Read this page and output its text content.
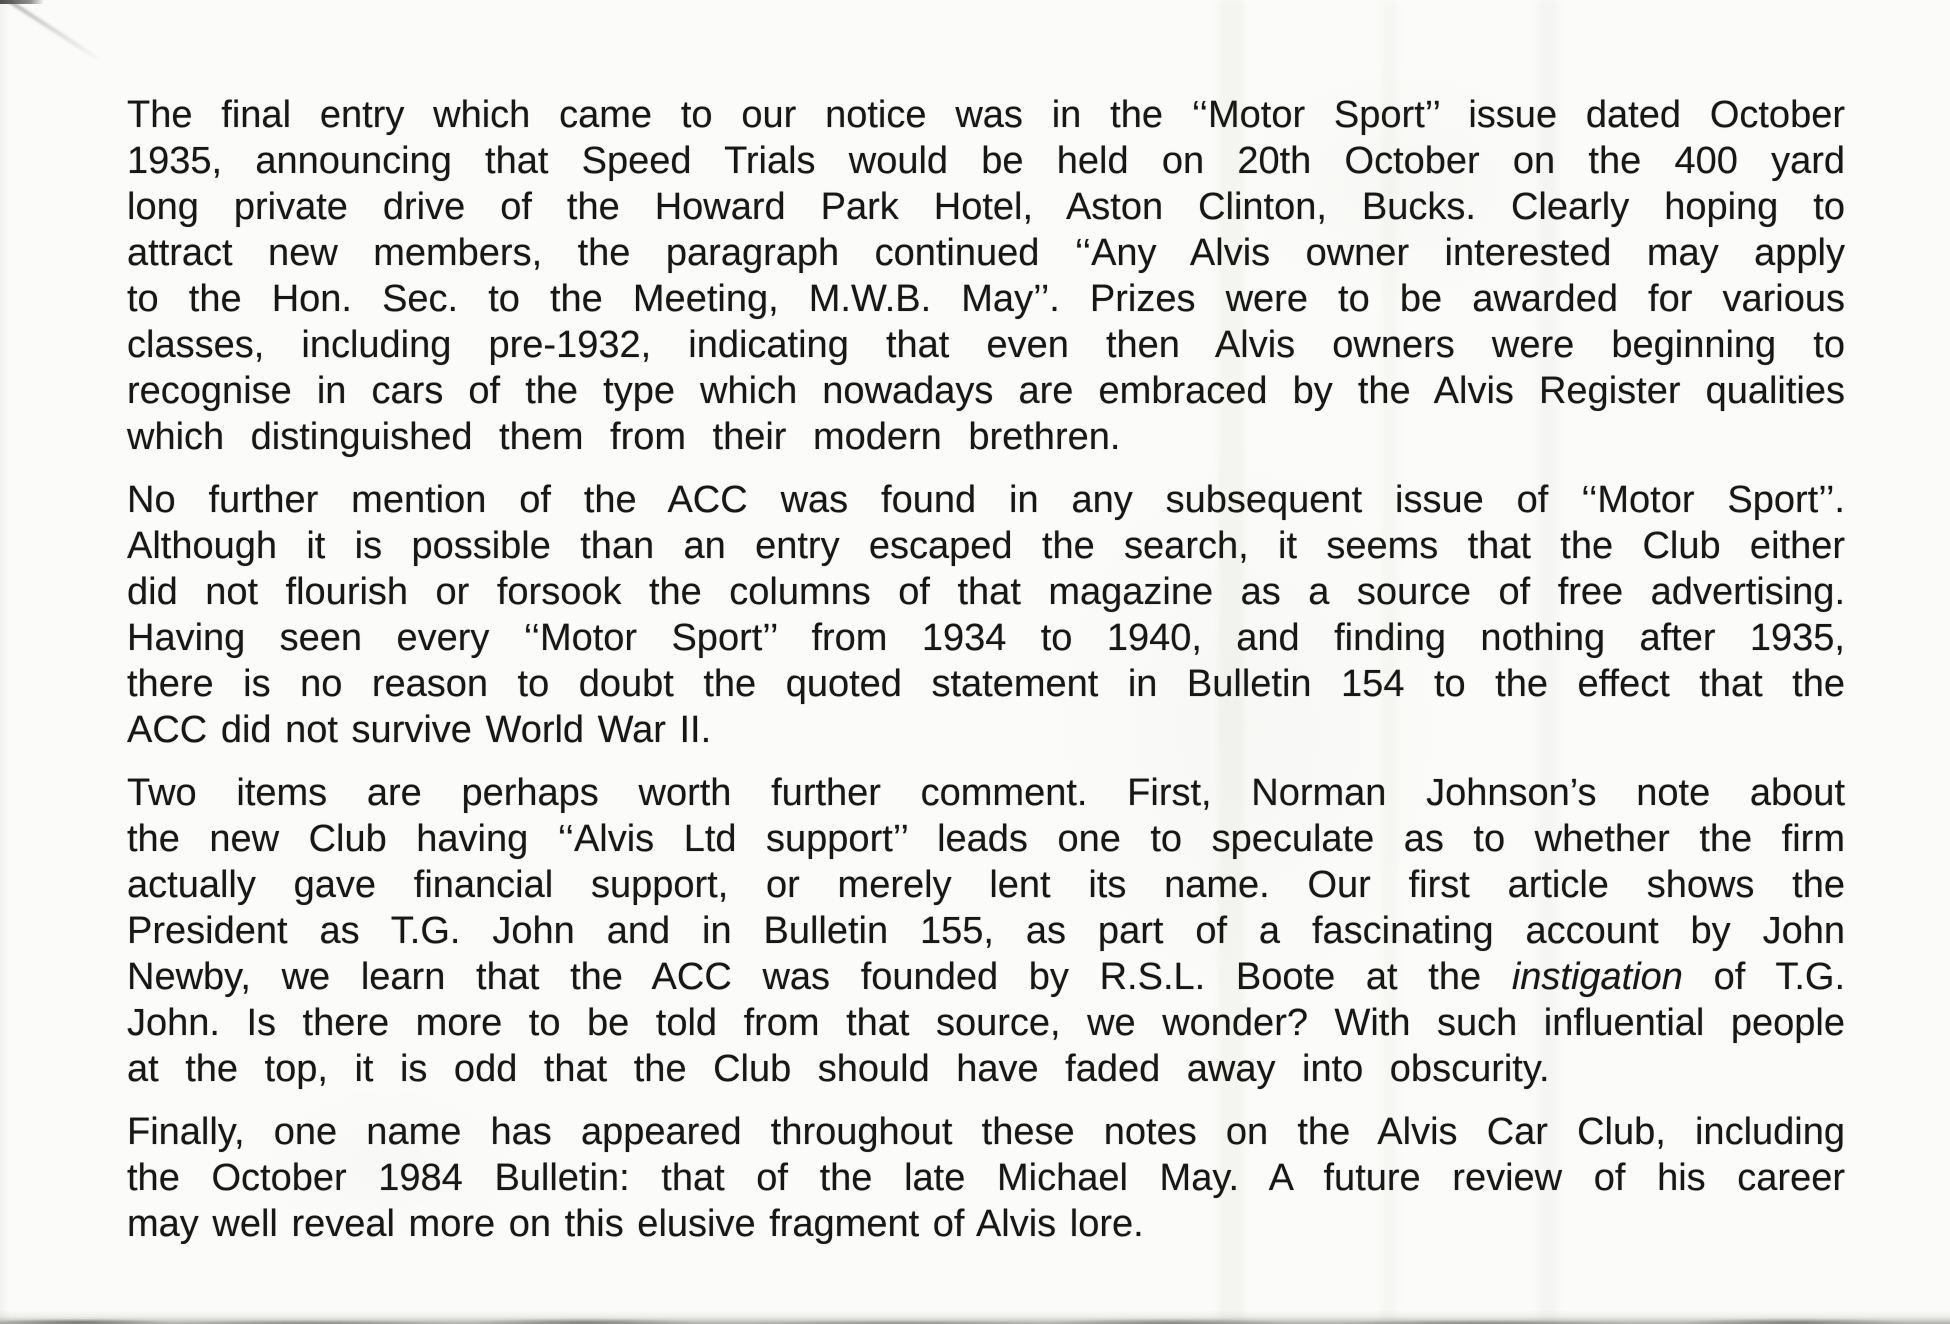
The final entry which came to our notice was in the ‘‘Motor Sport’’ issue dated October
1935, announcing that Speed Trials would be held on 20th October on the 400 yard
long private drive of the Howard Park Hotel, Aston Clinton, Bucks. Clearly hoping to
attract new members, the paragraph continued ‘‘Any Alvis owner interested may apply
to the Hon. Sec. to the Meeting, M.W.B. May’’. Prizes were to be awarded for various
classes, including pre-1932, indicating that even then Alvis owners were beginning to
recognise in cars of the type which nowadays are embraced by the Alvis Register qualities
which distinguished them from their modern brethren.
No further mention of the ACC was found in any subsequent issue of ‘‘Motor Sport’’.
Although it is possible than an entry escaped the search, it seems that the Club either
did not flourish or forsook the columns of that magazine as a source of free advertising.
Having seen every ‘‘Motor Sport’’ from 1934 to 1940, and finding nothing after 1935,
there is no reason to doubt the quoted statement in Bulletin 154 to the effect that the
ACC did not survive World War II.
Two items are perhaps worth further comment. First, Norman Johnson’s note about
the new Club having ‘‘Alvis Ltd support’’ leads one to speculate as to whether the firm
actually gave financial support, or merely lent its name. Our first article shows the
President as T.G. John and in Bulletin 155, as part of a fascinating account by John
Newby, we learn that the ACC was founded by R.S.L. Boote at the instigation of T.G.
John. Is there more to be told from that source, we wonder? With such influential people
at the top, it is odd that the Club should have faded away into obscurity.
Finally, one name has appeared throughout these notes on the Alvis Car Club, including
the October 1984 Bulletin: that of the late Michael May. A future review of his career
may well reveal more on this elusive fragment of Alvis lore.
